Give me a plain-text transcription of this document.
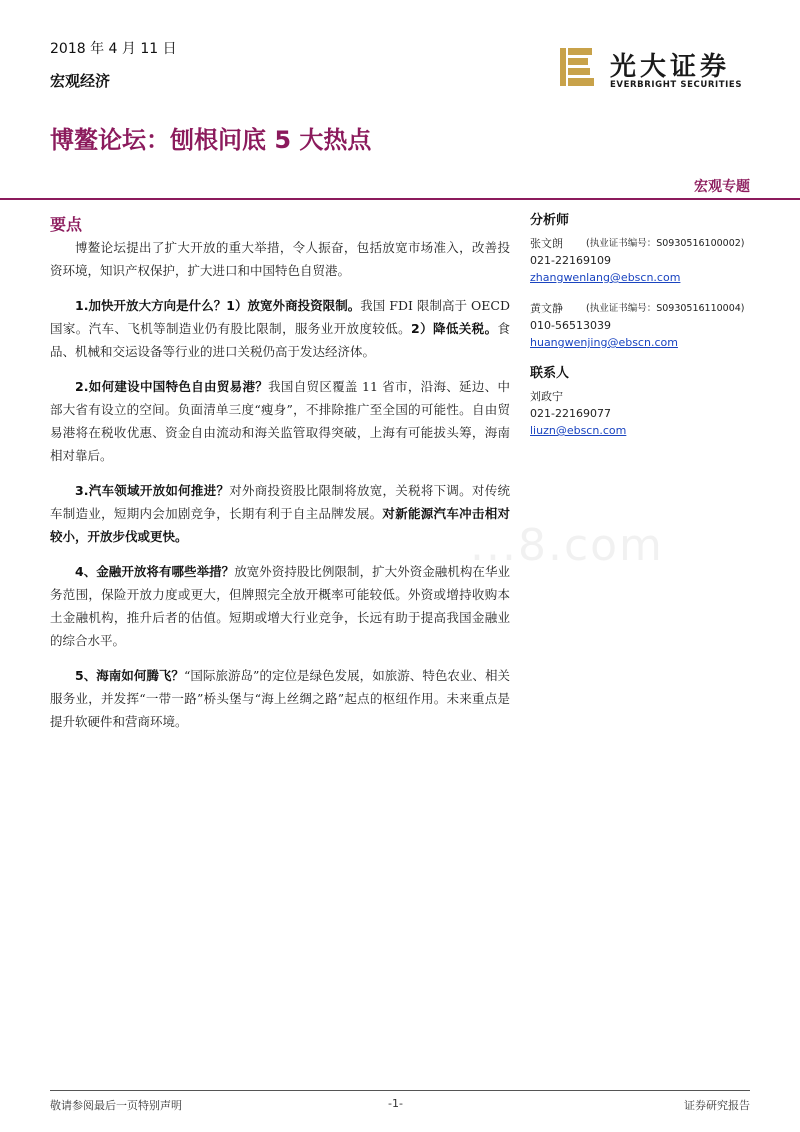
2018 年 4 月 11 日
宏观经济	光大证券
EVERBRIGHT SECURITIES
博鳌论坛：刨根问底 5 大热点
宏观专题
要点

博鳌论坛提出了扩大开放的重大举措，令人振奋，包括放宽市场准入，改善投资环境，知识产权保护，扩大进口和中国特色自贸港。

1.加快开放大方向是什么？1）放宽外商投资限制。我国 FDI 限制高于 OECD 国家。汽车、飞机等制造业仍有股比限制，服务业开放度较低。2）降低关税。食品、机械和交运设备等行业的进口关税仍高于发达经济体。

2.如何建设中国特色自由贸易港？我国自贸区覆盖 11 省市，沿海、延边、中部大省有设立的空间。负面清单三度“瘦身”，不排除推广至全国的可能性。自由贸易港将在税收优惠、资金自由流动和海关监管取得突破，上海有可能拔头筹，海南相对靠后。

3.汽车领域开放如何推进？对外商投资股比限制将放宽，关税将下调。对传统车制造业，短期内会加剧竞争，长期有利于自主品牌发展。对新能源汽车冲击相对较小，开放步伐或更快。

4、金融开放将有哪些举措？放宽外资持股比例限制，扩大外资金融机构在华业务范围，保险开放力度或更大，但牌照完全放开概率可能较低。外资或增持收购本土金融机构，推升后者的估值。短期或增大行业竞争，长远有助于提高我国金融业的综合水平。

5、海南如何腾飞？“国际旅游岛”的定位是绿色发展，如旅游、特色农业、相关服务业，并发挥“一带一路”桥头堡与“海上丝绸之路”起点的枢纽作用。未来重点是提升软硬件和营商环境。

...8.com
分析师
张文朗	(执业证书编号：S0930516100002)
021-22169109
zhangwenlang@ebscn.com
黄文静	(执业证书编号：S0930516110004)
010-56513039
huangwenjing@ebscn.com
联系人
刘政宁
021-22169077
liuzn@ebscn.com
敬请参阅最后一页特别声明	-1-	证券研究报告
